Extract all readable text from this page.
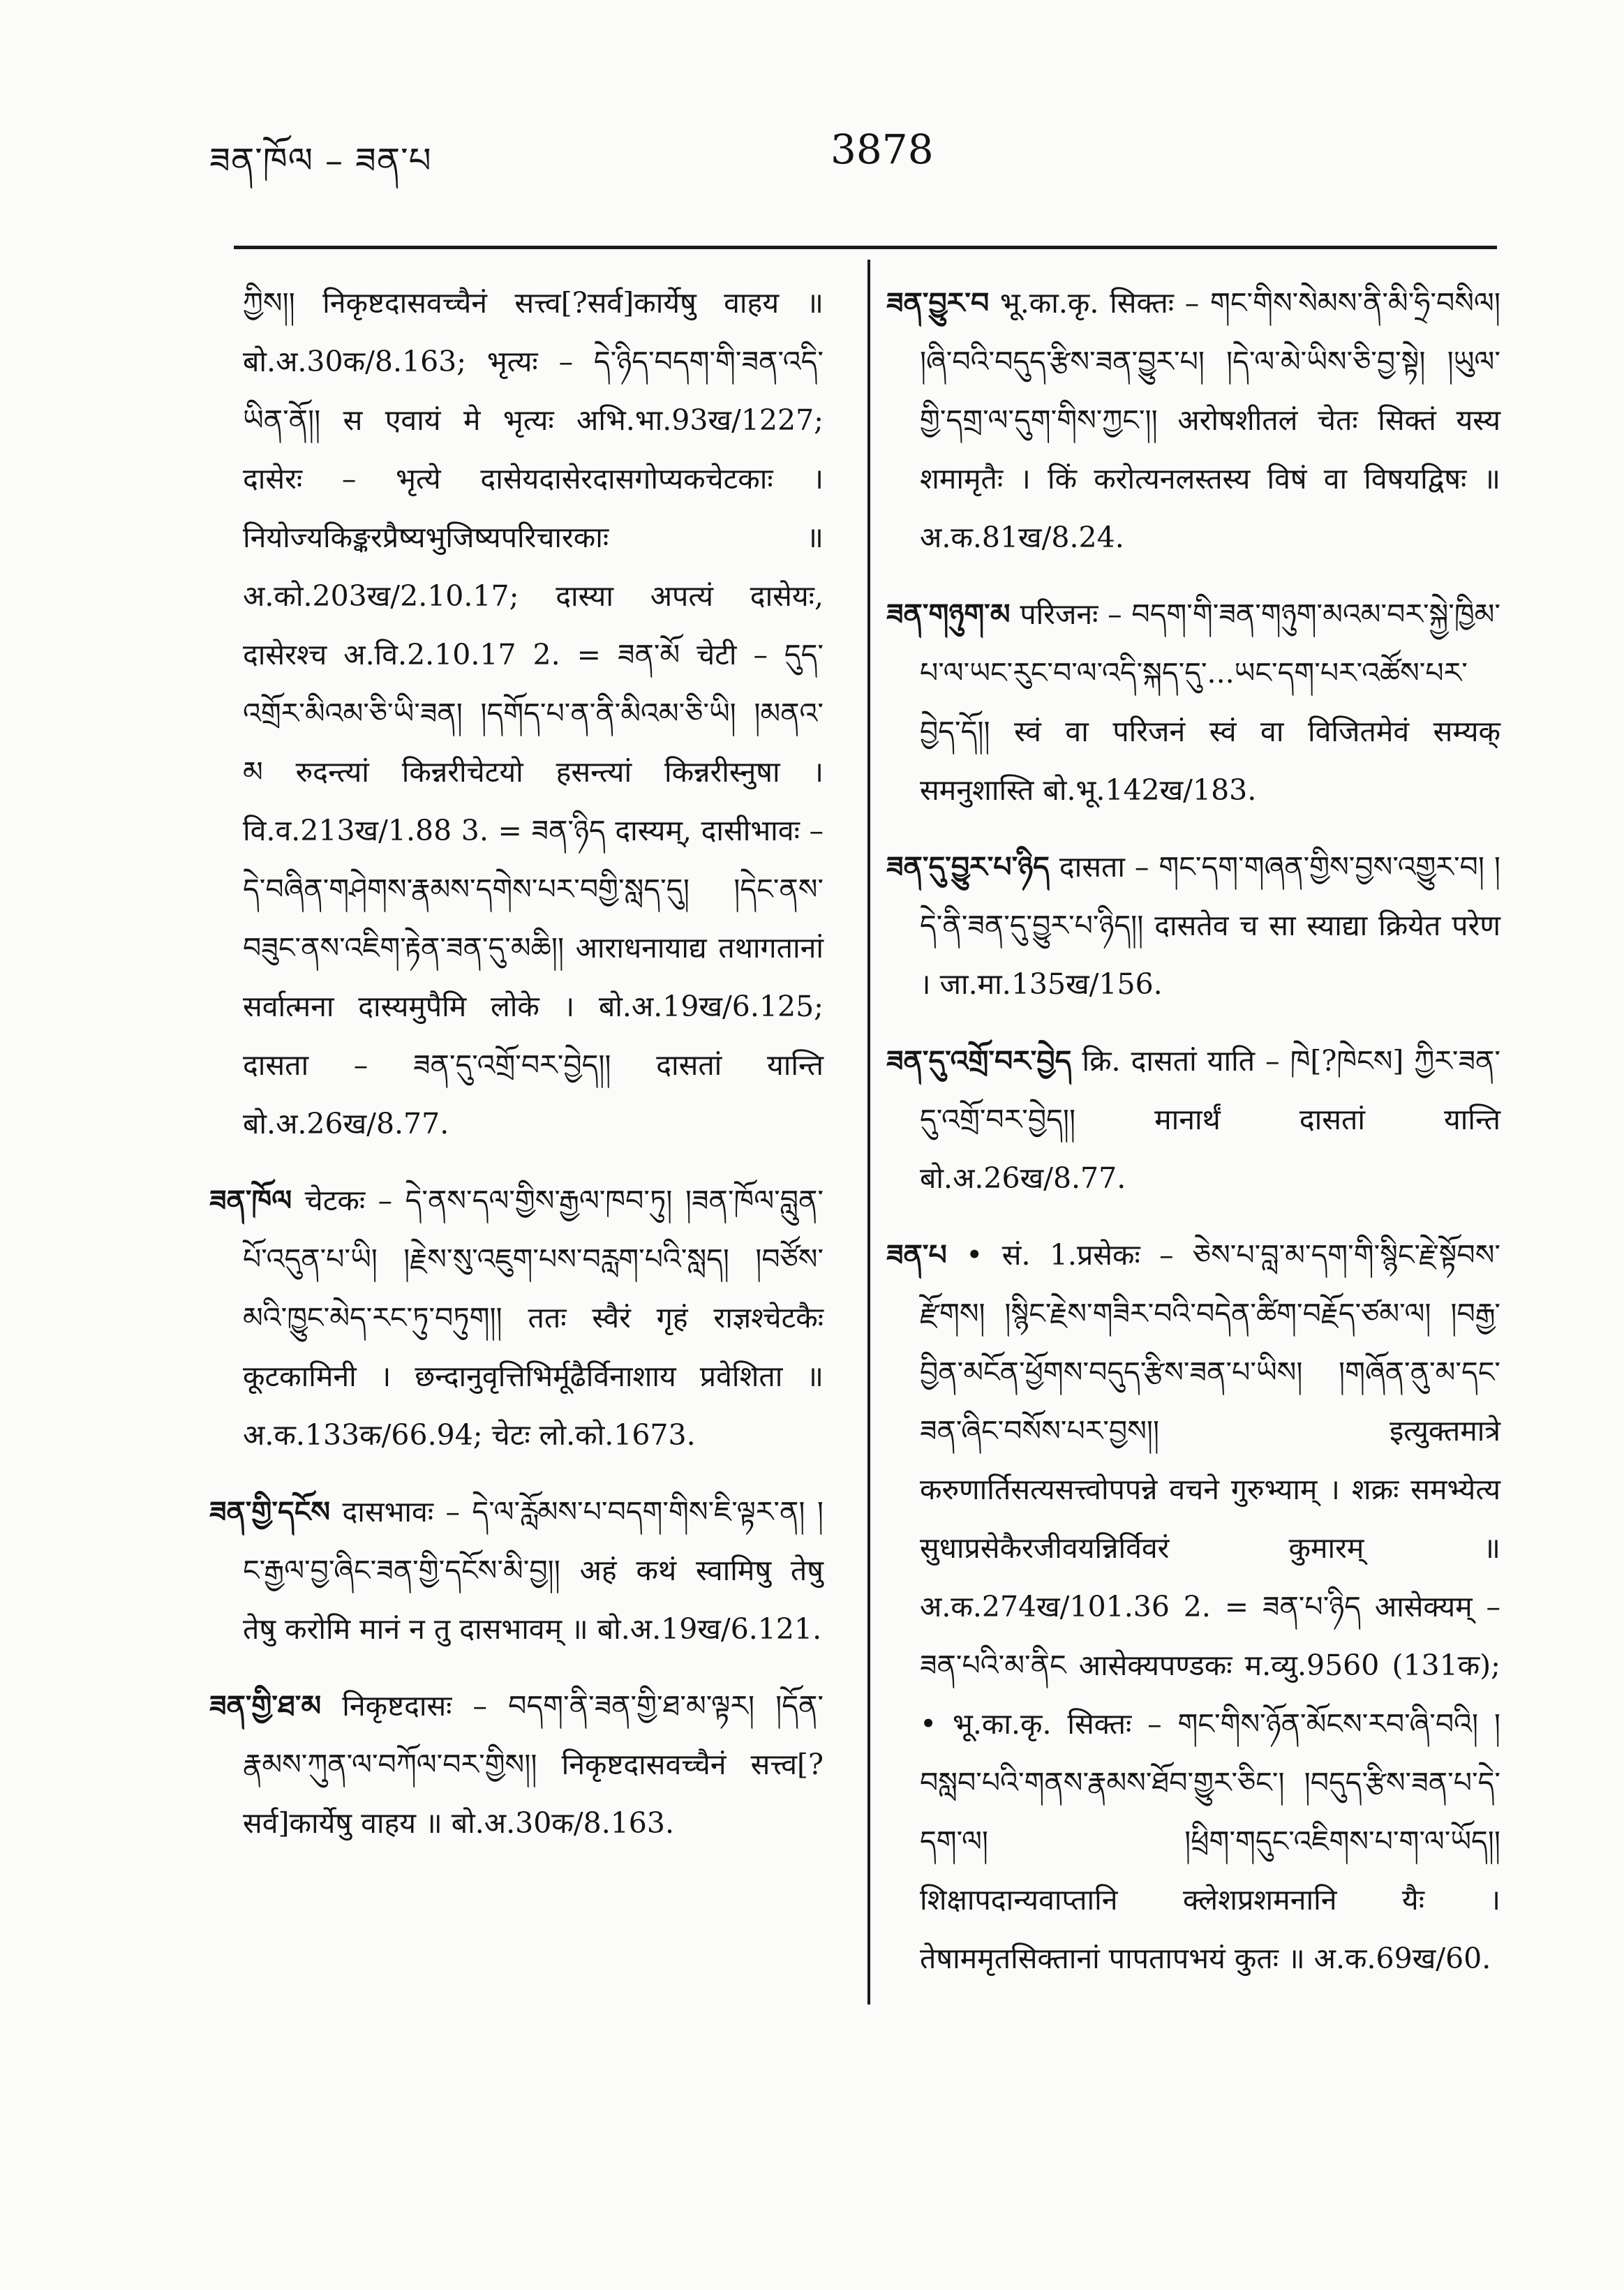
ཟན་ཁོལ – ཟན་པ	3878
ཀྱིས།། निकृष्टदासवच्चैनं सत्त्व[?सर्व]कार्येषु वाहय ॥ बो.अ.30क/8.163; भृत्यः – དེ་ཉིད་བདག་གི་ཟན་འདི་ཡིན་ནོ།། स एवायं मे भृत्यः अभि.भा.93ख/1227; दासेरः – भृत्ये दासेयदासेरदासगोप्यकचेटकाः । नियोज्यकिङ्करप्रैष्यभुजिष्यपरिचारकाः ॥ अ.को.203ख/2.10.17; दास्या अपत्यं दासेयः, दासेरश्च अ.वि.2.10.17 2. = ཟན་མོ चेटी – དུད་འགྲོར་མིའམ་ཅི་ཡི་ཟན། །དགོད་པ་ན་ནི་མིའམ་ཅི་ཡི། །མནའ་མ रुदन्त्यां किन्नरीचेटयो हसन्त्यां किन्नरीस्नुषा । वि.व.213ख/1.88 3. = ཟན་ཉིད दास्यम्, दासीभावः – དེ་བཞིན་གཤེགས་རྣམས་དགེས་པར་བགྱི་སླད་དུ། །དེང་ནས་བཟུང་ནས་འཇིག་རྟེན་ཟན་དུ་མཆི།། आराधनायाद्य तथागतानां सर्वात्मना दास्यमुपैमि लोके । बो.अ.19ख/6.125; दासता – ཟན་དུ་འགྲོ་བར་བྱེད།། दासतां यान्ति बो.अ.26ख/8.77.
ཟན་ཁོལ चेटकः – དེ་ནས་དལ་གྱིས་རྒྱལ་ཁབ་ཏུ། །ཟན་ཁོལ་བླུན་པོ་འདུན་པ་ཡི། །རྗེས་སུ་འཇུག་པས་བརླག་པའི་སླད། །བཙོས་མའི་ཁྱུང་མེད་རང་ཏུ་བཏུག།། ततः स्वैरं गृहं राज्ञश्चेटकैः कूटकामिनी । छन्दानुवृत्तिभिर्मूढैर्विनाशाय प्रवेशिता ॥ अ.क.133क/66.94; चेटः लो.को.1673.
ཟན་གྱི་དངོས दासभावः – དེ་ལ་རློམས་པ་བདག་གིས་ཇི་ལྟར་ན། །ང་རྒྱལ་བྱ་ཞིང་ཟན་གྱི་དངོས་མི་བྱ།། अहं कथं स्वामिषु तेषु तेषु करोमि मानं न तु दासभावम् ॥ बो.अ.19ख/6.121.
ཟན་གྱི་ཐ་མ निकृष्टदासः – བདག་ནི་ཟན་གྱི་ཐ་མ་ལྟར། །དོན་རྣམས་ཀུན་ལ་བཀོལ་བར་གྱིས།། निकृष्टदासवच्चैनं सत्त्व[?सर्व]कार्येषु वाहय ॥ बो.अ.30क/8.163.
ཟན་བྱུར་བ भू.का.कृ. सिक्तः – གང་གིས་སེམས་ནི་མི་ཧྲི་བསིལ། །ཞི་བའི་བདུད་རྩིས་ཟན་བྱུར་པ། །དེ་ལ་མེ་ཡིས་ཅི་བྱ་སྟེ། །ཡུལ་གྱི་དགྲ་ལ་དུག་གིས་ཀྱང་།། अरोषशीतलं चेतः सिक्तं यस्य शमामृतैः । किं करोत्यनलस्तस्य विषं वा विषयद्विषः ॥ अ.क.81ख/8.24.
ཟན་གཉུག་མ परिजनः – བདག་གི་ཟན་གཉུག་མའམ་བར་སྐྱེ་ཁྱིམ་པ་ལ་ཡང་རུང་བ་ལ་འདི་སྐད་དུ་...ཡང་དག་པར་འཚོས་པར་བྱེད་དོ།། स्वं वा परिजनं स्वं वा विजितमेवं सम्यक् समनुशास्ति बो.भू.142ख/183.
ཟན་དུ་བྱུར་པ་ཉིད दासता – གང་དག་གཞན་གྱིས་བྱས་འགྱུར་བ། །དེ་ནི་ཟན་དུ་བྱུར་པ་ཉིད།། दासतेव च सा स्याद्या क्रियेत परेण । जा.मा.135ख/156.
ཟན་དུ་འགྲོ་བར་བྱེད क्रि. दासतां याति – ཁེ[?ཁེངས] ཀྱིར་ཟན་དུ་འགྲོ་བར་བྱེད།། मानार्थं दासतां यान्ति बो.अ.26ख/8.77.
ཟན་པ • सं. 1.प्रसेकः – ཅེས་པ་བླ་མ་དག་གི་སྙིང་རྗེ་སྟོབས་རྫོགས། །སྙིང་རྗེས་གཟིར་བའི་བདེན་ཚིག་བརྗོད་ཙམ་ལ། །བརྒྱ་བྱིན་མངོན་ཕྱོགས་བདུད་རྩིས་ཟན་པ་ཡིས། །གཞོན་ནུ་མ་དང་ཟན་ཞིང་བསོས་པར་བྱས།། इत्युक्तमात्रे करुणार्तिसत्यसत्त्वोपपन्ने वचने गुरुभ्याम् । शक्रः समभ्येत्य सुधाप्रसेकैरजीवयन्निर्विवरं कुमारम् ॥ अ.क.274ख/101.36 2. = ཟན་པ་ཉིད आसेक्यम् – ཟན་པའི་མ་ནིང आसेक्यपण्डकः म.व्यु.9560 (131क); • भू.का.कृ. सिक्तः – གང་གིས་ཉོན་མོངས་རབ་ཞི་བའི། །བསླབ་པའི་གནས་རྣམས་ཐོབ་གྱུར་ཅིང་། །བདུད་རྩིས་ཟན་པ་དེ་དག་ལ། །ཕྲིག་གདུང་འཇིགས་པ་ག་ལ་ཡོད།། शिक्षापदान्यवाप्तानि क्लेशप्रशमनानि यैः । तेषाममृतसिक्तानां पापतापभयं कुतः ॥ अ.क.69ख/60.
